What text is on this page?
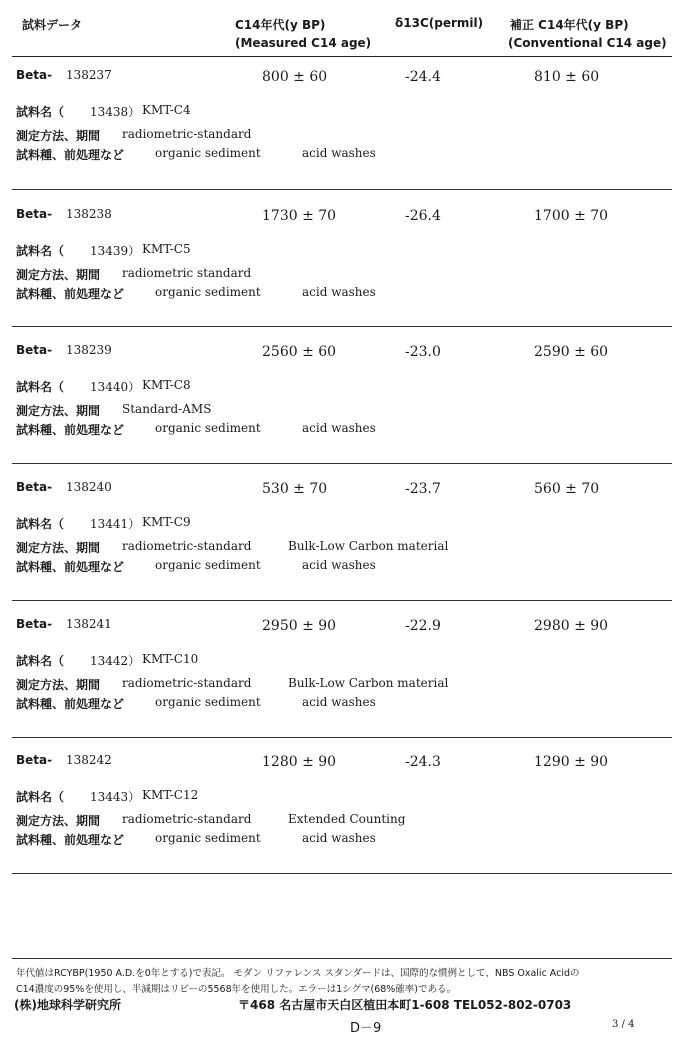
試料データ	C14年代(y BP)
(Measured C14 age)
δ13C(permil) 補正 C14年代(y BP)
(Conventional C14 age)
Beta- 138237	800 ± 60	-24.4	810 ± 60
試料名（ 13438） KMT-C4
測定方法、期間 radiometric-standard
試料種、前処理など	organic sediment	acid washes
Beta- 138238	1730 ± 70	-26.4	1700 ± 70
試料名（ 13439） KMT-C5
測定方法、期間 radiometric standard
試料種、前処理など	organic sediment	acid washes
Beta- 138239	2560 ± 60	-23.0	2590 ± 60
試料名（ 13440） KMT-C8
測定方法、期間 Standard-AMS
試料種、前処理など	organic sediment	acid washes
Beta- 138240	530 ± 70	-23.7	560 ± 70
試料名（ 13441） KMT-C9
測定方法、期間 radiometric-standard	Bulk-Low Carbon material
試料種、前処理など	organic sediment	acid washes
Beta- 138241	2950 ± 90	-22.9	2980 ± 90
試料名（ 13442） KMT-C10
測定方法、期間 radiometric-standard	Bulk-Low Carbon material
試料種、前処理など	organic sediment	acid washes
Beta- 138242	1280 ± 90	-24.3	1290 ± 90
試料名（ 13443） KMT-C12
測定方法、期間 radiometric-standard	Extended Counting
試料種、前処理など	organic sediment	acid washes
年代値はRCYBP(1950 A.D.を0年とする)で表記。 モダン リファレンス スタンダードは、国際的な慣例として、NBS Oxalic Acidの
C14濃度の95%を使用し、半減期はリビーの5568年を使用した。エラーは1シグマ(68%確率)である。
(株)地球科学研究所	〒468 名古屋市天白区植田本町1-608 TEL052-802-0703
D－9	3 / 4
